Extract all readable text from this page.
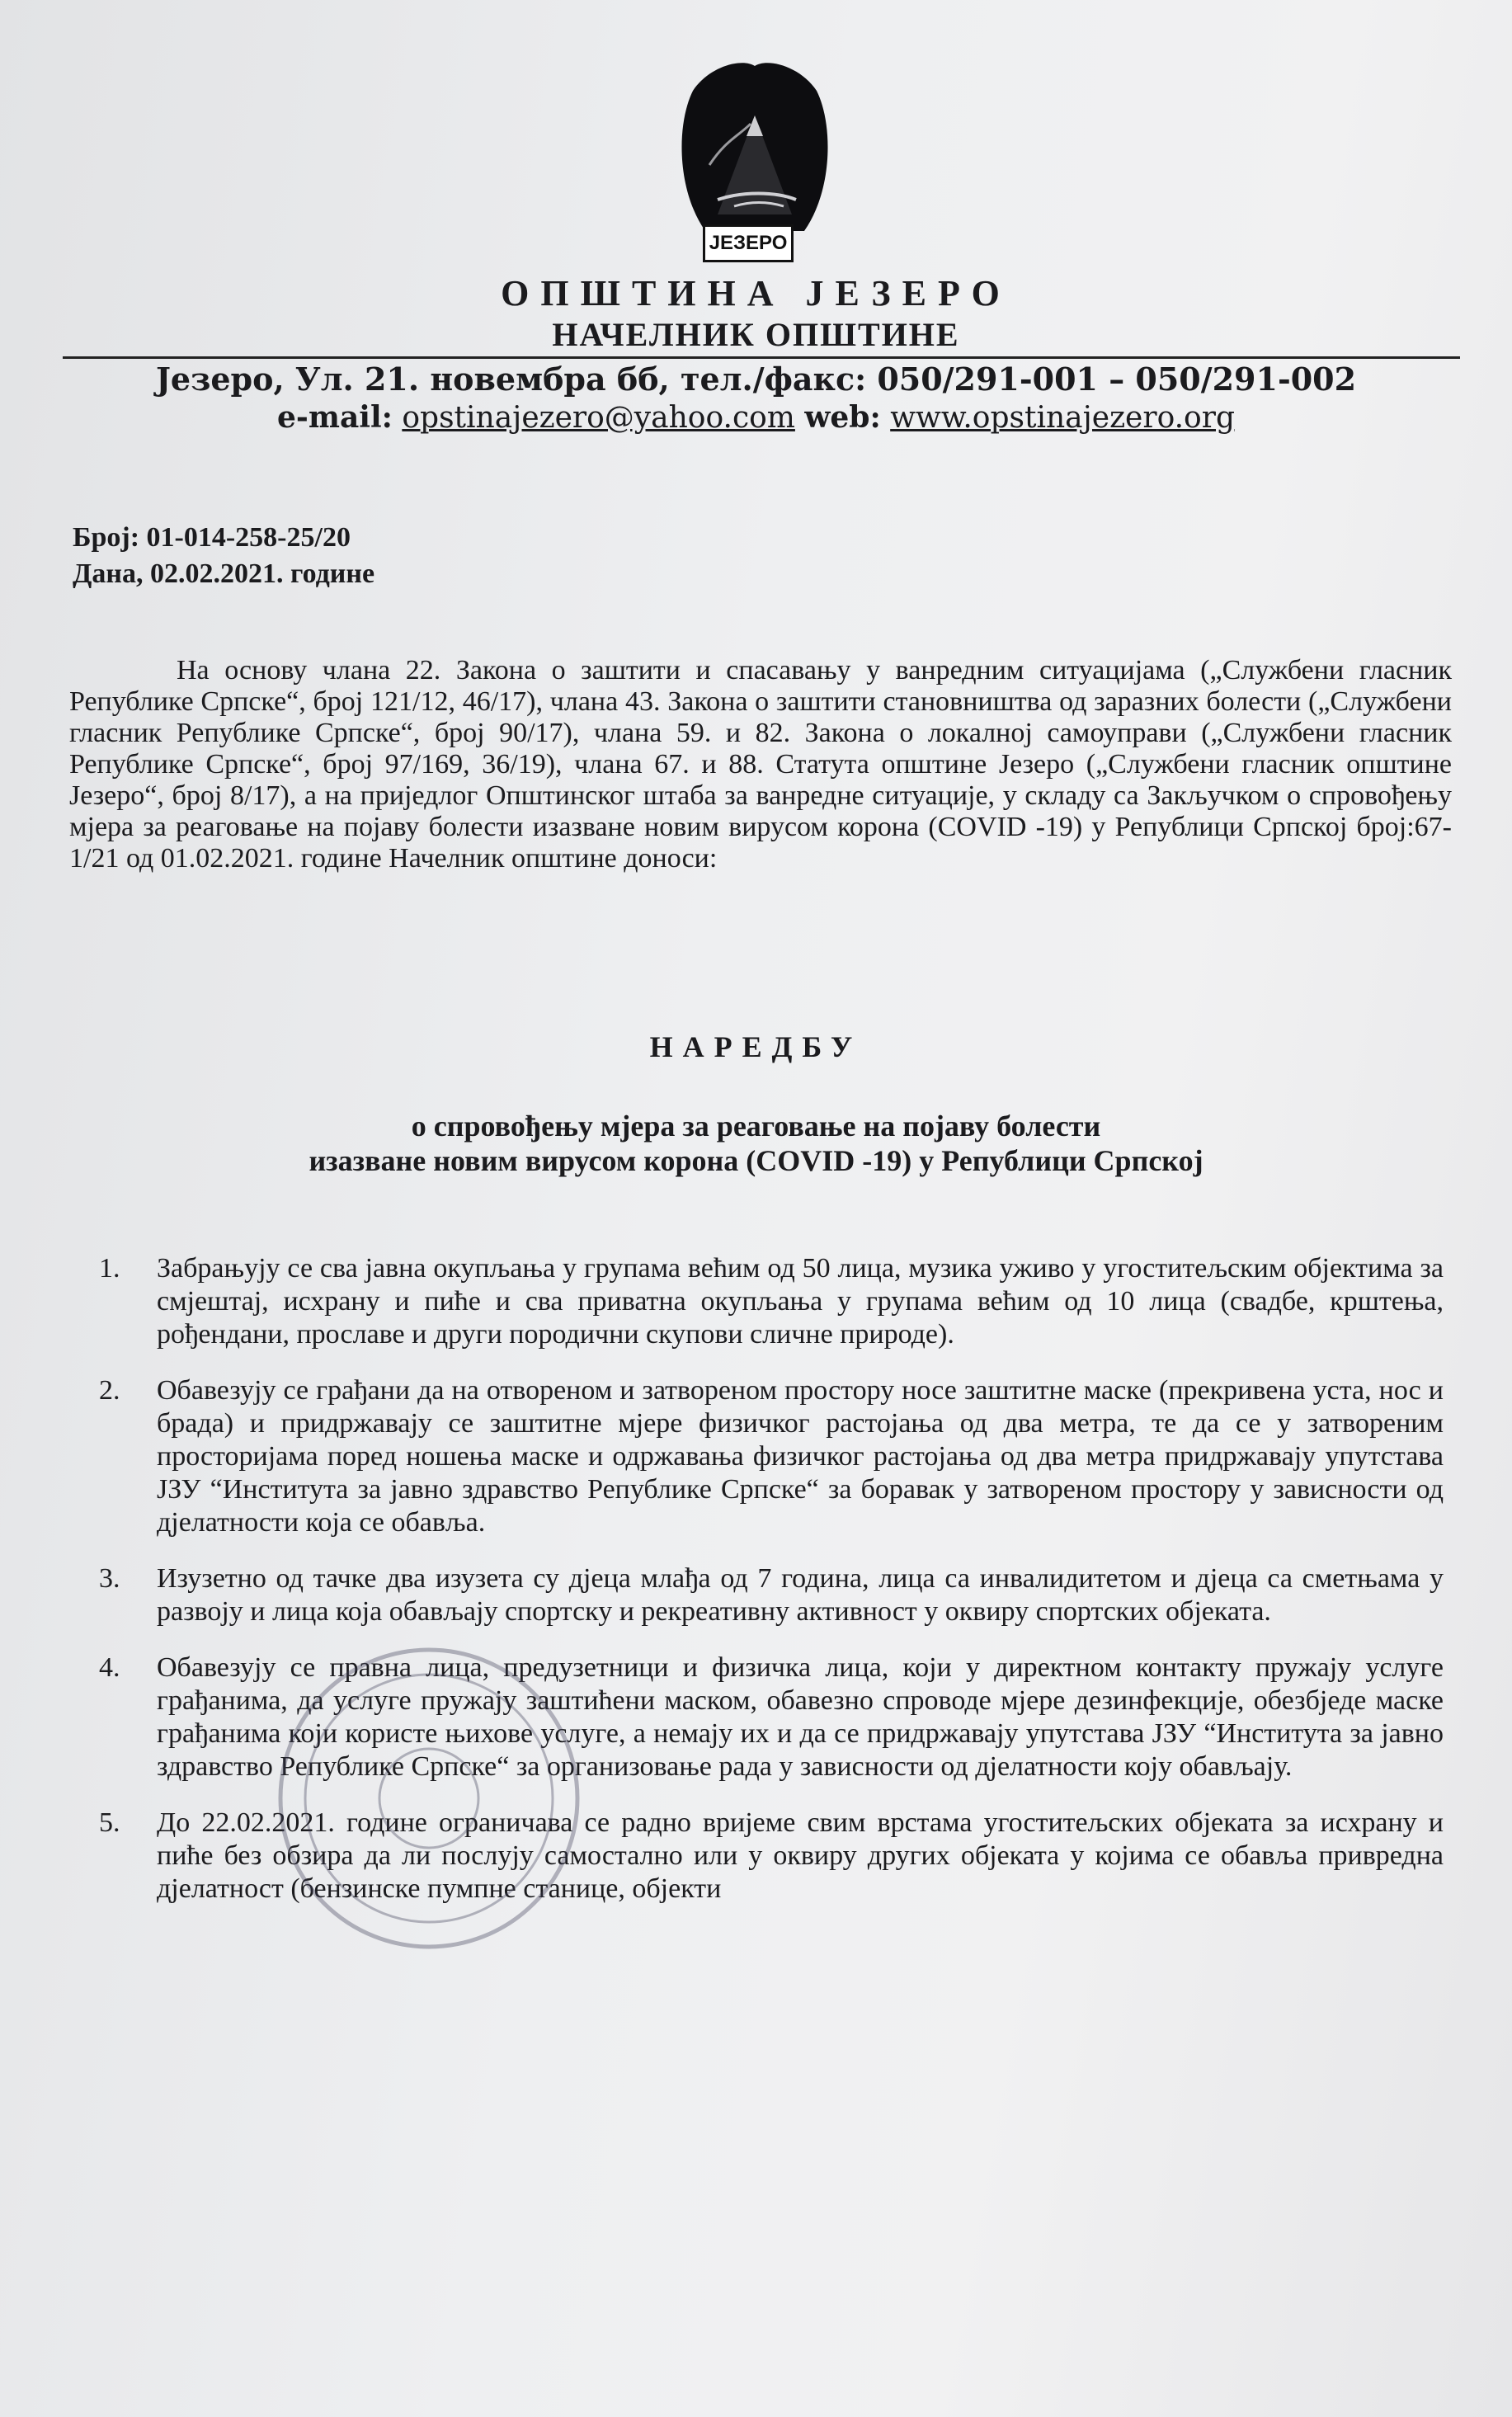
ЈЕЗЕРО
ОПШТИНА ЈЕЗЕРО
НАЧЕЛНИК ОПШТИНЕ
Језеро, Ул. 21. новембра бб, тел./факс: 050/291-001 – 050/291-002
e-mail: opstinajezero@yahoo.com web: www.opstinajezero.org
Број: 01-014-258-25/20
Дана, 02.02.2021. године

На основу члана 22. Закона о заштити и спасавању у ванредним ситуацијама („Службени гласник Републике Српске“, број 121/12, 46/17), члана 43. Закона о заштити становништва од заразних болести („Службени гласник Републике Српске“, број 90/17), члана 59. и 82. Закона о локалној самоуправи („Службени гласник Републике Српске“, број 97/169, 36/19), члана 67. и 88. Статута општине Језеро („Службени гласник општине Језеро“, број 8/17), а на приједлог Општинског штаба за ванредне ситуације, у складу са Закључком о спровођењу мјера за реаговање на појаву болести изазване новим вирусом корона (COVID -19) у Републици Српској број:67-1/21 од 01.02.2021. године Начелник општине доноси:

НАРЕДБУ
о спровођењу мјера за реаговање на појаву болести
изазване новим вирусом корона (COVID -19) у Републици Српској
1. Забрањују се сва јавна окупљања у групама већим од 50 лица, музика уживо у угоститељским објектима за смјештај, исхрану и пиће и сва приватна окупљања у групама већим од 10 лица (свадбе, крштења, рођендани, прославе и други породични скупови сличне природе).
2. Обавезују се грађани да на отвореном и затвореном простору носе заштитне маске (прекривена уста, нос и брада) и придржавају се заштитне мјере физичког растојања од два метра, те да се у затвореним просторијама поред ношења маске и одржавања физичког растојања од два метра придржавају упутстава ЈЗУ “Института за јавно здравство Републике Српске“ за боравак у затвореном простору у зависности од дјелатности која се обавља.
3. Изузетно од тачке два изузета су дјеца млађа од 7 година, лица са инвалидитетом и дјеца са сметњама у развоју и лица која обављају спортску и рекреативну активност у оквиру спортских објеката.
4. Обавезују се правна лица, предузетници и физичка лица, који у директном контакту пружају услуге грађанима, да услуге пружају заштићени маском, обавезно спроводе мјере дезинфекције, обезбједе маске грађанима који користе њихове услуге, а немају их и да се придржавају упутстава ЈЗУ “Института за јавно здравство Републике Српске“ за организовање рада у зависности од дјелатности коју обављају.
5. До 22.02.2021. године ограничава се радно вријеме свим врстама угоститељских објеката за исхрану и пиће без обзира да ли послују самостално или у оквиру других објеката у којима се обавља привредна дјелатност (бензинске пумпне станице, објекти
